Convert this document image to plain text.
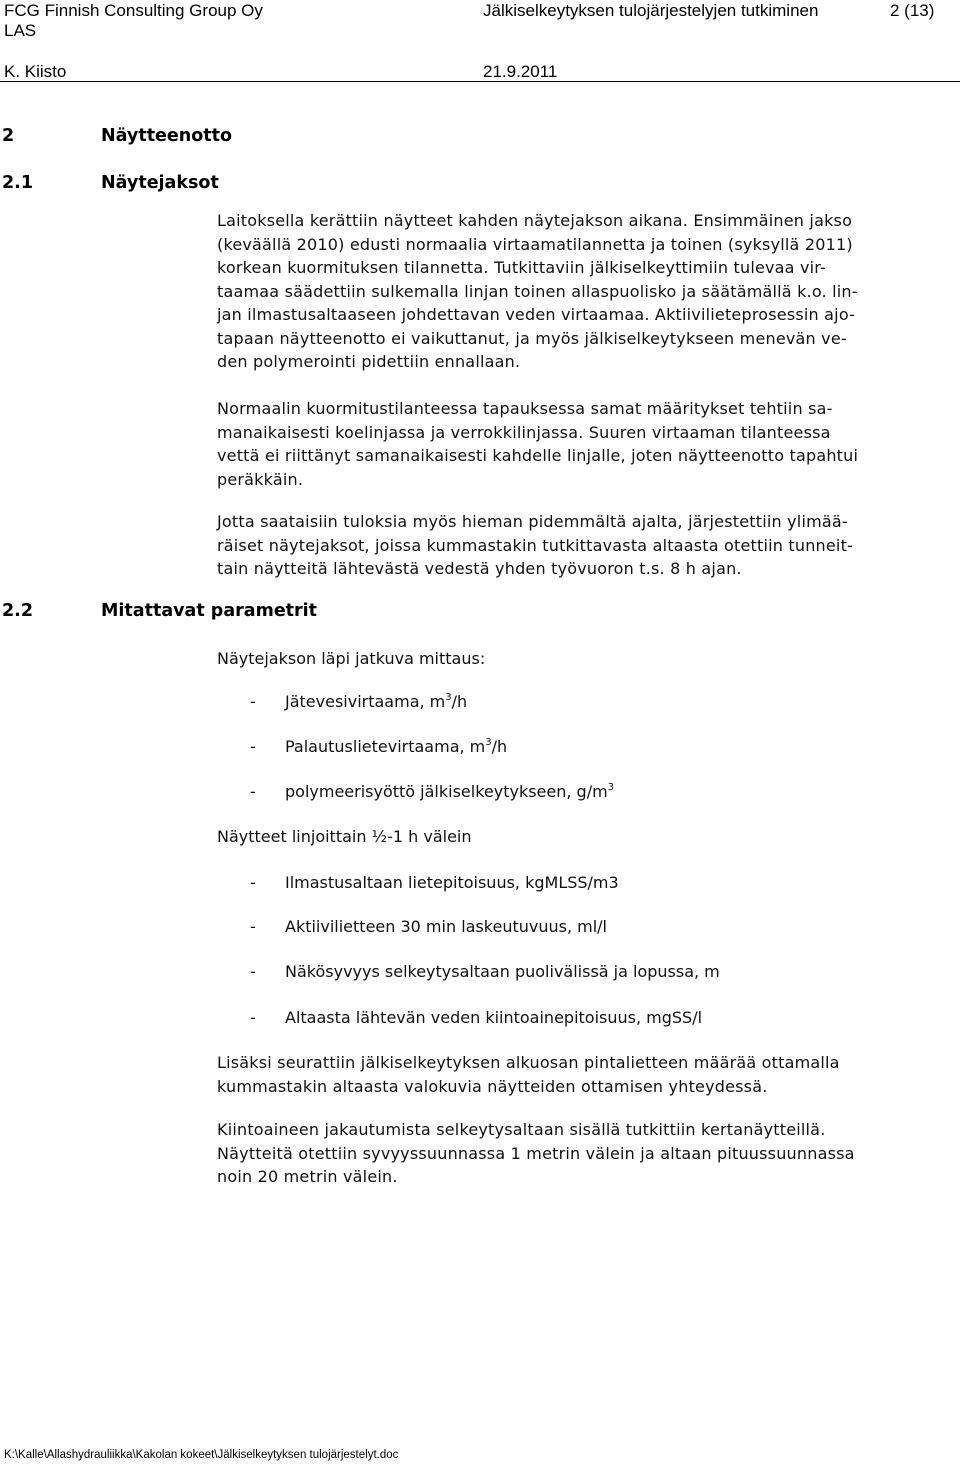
FCG Finnish Consulting Group Oy
LAS
Jälkiselkeytyksen tulojärjestelyjen tutkiminen	2 (13)
K. Kiisto	21.9.2011
2	Näytteenotto
2.1	Näytejaksot
2.2	Mitattavat parametrit

Laitoksella kerättiin näytteet kahden näytejakson aikana. Ensimmäinen jakso
(keväällä 2010) edusti normaalia virtaamatilannetta ja toinen (syksyllä 2011)
korkean kuormituksen tilannetta. Tutkittaviin jälkiselkeyttimiin tulevaa vir-
taamaa säädettiin sulkemalla linjan toinen allaspuolisko ja säätämällä k.o. lin-
jan ilmastusaltaaseen johdettavan veden virtaamaa. Aktiivilieteprosessin ajo-
tapaan näytteenotto ei vaikuttanut, ja myös jälkiselkeytykseen menevän ve-
den polymerointi pidettiin ennallaan.

Normaalin kuormitustilanteessa tapauksessa samat määritykset tehtiin sa-
manaikaisesti koelinjassa ja verrokkilinjassa. Suuren virtaaman tilanteessa
vettä ei riittänyt samanaikaisesti kahdelle linjalle, joten näytteenotto tapahtui
peräkkäin.

Jotta saataisiin tuloksia myös hieman pidemmältä ajalta, järjestettiin ylimää-
räiset näytejaksot, joissa kummastakin tutkittavasta altaasta otettiin tunneit-
tain näytteitä lähtevästä vedestä yhden työvuoron t.s. 8 h ajan.

Näytejakson läpi jatkuva mittaus:

- Jätevesivirtaama, $m^3/h$
- Palautuslietevirtaama, $m^3/h$
- polymeerisyöttö jälkiselkeytykseen, $g/m^3$

Näytteet linjoittain ½-1 h välein

- Ilmastusaltaan lietepitoisuus, kgMLSS/m3
- Aktiivilietteen 30 min laskeutuvuus, ml/l
- Näkösyvyys selkeytysaltaan puolivälissä ja lopussa, m
- Altaasta lähtevän veden kiintoainepitoisuus, mgSS/l

Lisäksi seurattiin jälkiselkeytyksen alkuosan pintalietteen määrää ottamalla
kummastakin altaasta valokuvia näytteiden ottamisen yhteydessä.

Kiintoaineen jakautumista selkeytysaltaan sisällä tutkittiin kertanäytteillä.
Näytteitä otettiin syvyyssuunnassa 1 metrin välein ja altaan pituussuunnassa
noin 20 metrin välein.

K:\Kalle\Allashydrauliikka\Kakolan kokeet\Jälkiselkeytyksen tulojärjestelyt.doc
